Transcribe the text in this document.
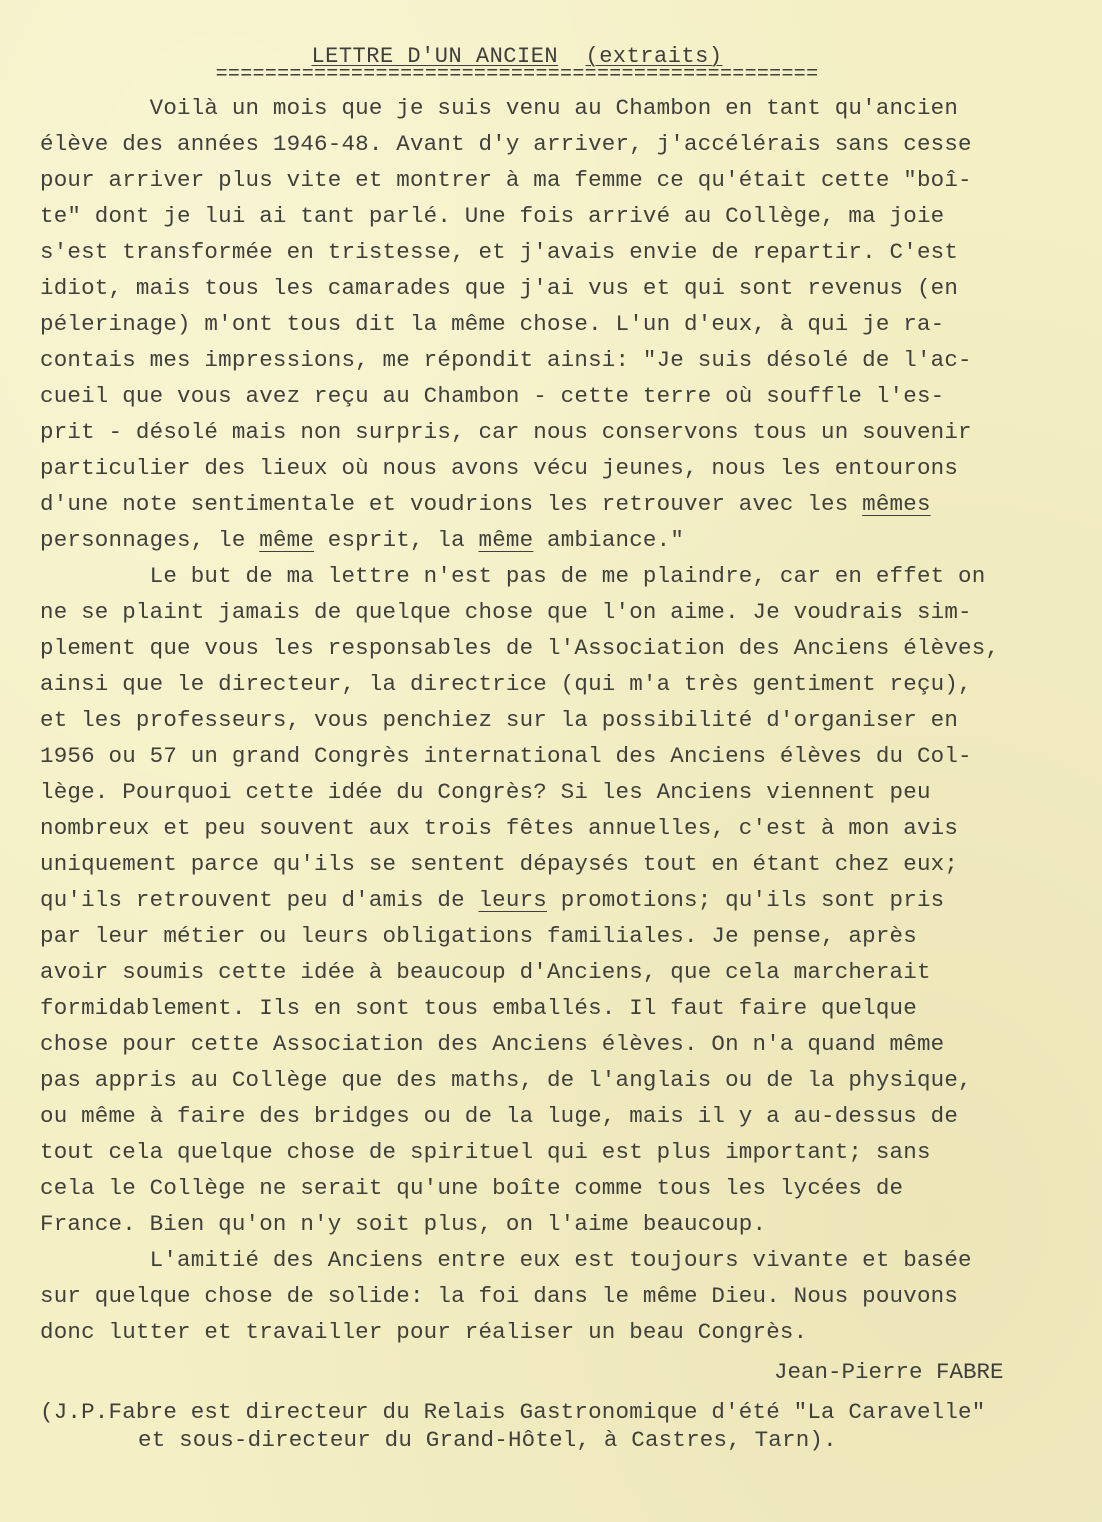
LETTRE D'UN ANCIEN (extraits)
=================================================
Voilà un mois que je suis venu au Chambon en tant qu'ancien
élève des années 1946-48. Avant d'y arriver, j'accélérais sans cesse
pour arriver plus vite et montrer à ma femme ce qu'était cette "boî-
te" dont je lui ai tant parlé. Une fois arrivé au Collège, ma joie
s'est transformée en tristesse, et j'avais envie de repartir. C'est
idiot, mais tous les camarades que j'ai vus et qui sont revenus (en
pélerinage) m'ont tous dit la même chose. L'un d'eux, à qui je ra-
contais mes impressions, me répondit ainsi: "Je suis désolé de l'ac-
cueil que vous avez reçu au Chambon - cette terre où souffle l'es-
prit - désolé mais non surpris, car nous conservons tous un souvenir
particulier des lieux où nous avons vécu jeunes, nous les entourons
d'une note sentimentale et voudrions les retrouver avec les mêmes
personnages, le même esprit, la même ambiance."
Le but de ma lettre n'est pas de me plaindre, car en effet on
ne se plaint jamais de quelque chose que l'on aime. Je voudrais sim-
plement que vous les responsables de l'Association des Anciens élèves,
ainsi que le directeur, la directrice (qui m'a très gentiment reçu),
et les professeurs, vous penchiez sur la possibilité d'organiser en
1956 ou 57 un grand Congrès international des Anciens élèves du Col-
lège. Pourquoi cette idée du Congrès? Si les Anciens viennent peu
nombreux et peu souvent aux trois fêtes annuelles, c'est à mon avis
uniquement parce qu'ils se sentent dépaysés tout en étant chez eux;
qu'ils retrouvent peu d'amis de leurs promotions; qu'ils sont pris
par leur métier ou leurs obligations familiales. Je pense, après
avoir soumis cette idée à beaucoup d'Anciens, que cela marcherait
formidablement. Ils en sont tous emballés. Il faut faire quelque
chose pour cette Association des Anciens élèves. On n'a quand même
pas appris au Collège que des maths, de l'anglais ou de la physique,
ou même à faire des bridges ou de la luge, mais il y a au-dessus de
tout cela quelque chose de spirituel qui est plus important; sans
cela le Collège ne serait qu'une boîte comme tous les lycées de
France. Bien qu'on n'y soit plus, on l'aime beaucoup.
L'amitié des Anciens entre eux est toujours vivante et basée
sur quelque chose de solide: la foi dans le même Dieu. Nous pouvons
donc lutter et travailler pour réaliser un beau Congrès.
Jean-Pierre FABRE
(J.P.Fabre est directeur du Relais Gastronomique d'été "La Caravelle"
et sous-directeur du Grand-Hôtel, à Castres, Tarn).
